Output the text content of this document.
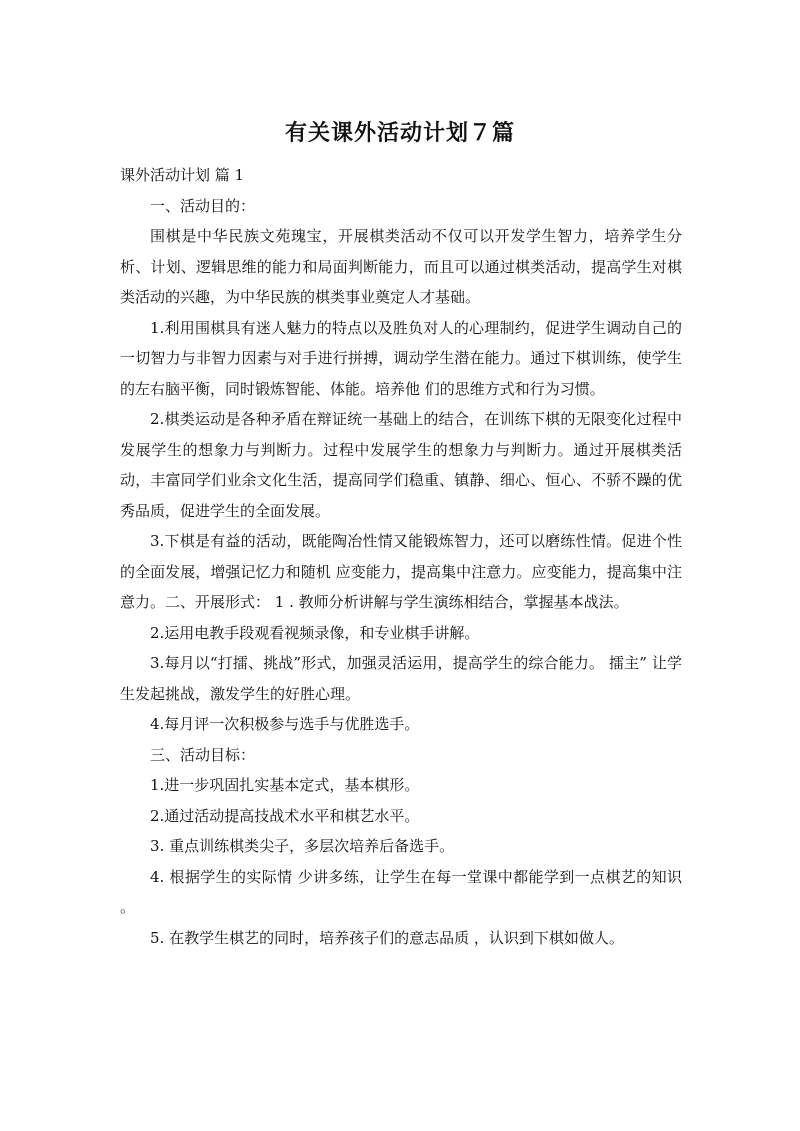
有关课外活动计划７篇

课外活动计划 篇 1

一、活动目的：

围棋是中华民族文苑瑰宝，开展棋类活动不仅可以开发学生智力，培养学生分析、计划、逻辑思维的能力和局面判断能力，而且可以通过棋类活动，提高学生对棋类活动的兴趣，为中华民族的棋类事业奠定人才基础。

1.利用围棋具有迷人魅力的特点以及胜负对人的心理制约，促进学生调动自己的一切智力与非智力因素与对手进行拼搏，调动学生潜在能力。通过下棋训练，使学生的左右脑平衡，同时锻炼智能、体能。培养他 们的思维方式和行为习惯。

2.棋类运动是各种矛盾在辩证统一基础上的结合，在训练下棋的无限变化过程中发展学生的想象力与判断力。过程中发展学生的想象力与判断力。通过开展棋类活动，丰富同学们业余文化生活，提高同学们稳重、镇静、细心、恒心、不骄不躁的优秀品质，促进学生的全面发展。

3.下棋是有益的活动，既能陶冶性情又能锻炼智力，还可以磨练性情。促进个性的全面发展，增强记忆力和随机 应变能力，提高集中注意力。应变能力，提高集中注意力。二、开展形式： 1 . 教师分析讲解与学生演练相结合，掌握基本战法。

2.运用电教手段观看视频录像，和专业棋手讲解。

3.每月以“打擂、挑战”形式，加强灵活运用，提高学生的综合能力。 擂主” 让学生发起挑战，激发学生的好胜心理。

4.每月评一次积极参与选手与优胜选手。

三、活动目标：

1.进一步巩固扎实基本定式，基本棋形。

2.通过活动提高技战术水平和棋艺水平。

3. 重点训练棋类尖子，多层次培养后备选手。

4. 根据学生的实际情 少讲多练，让学生在每一堂课中都能学到一点棋艺的知识 。

5. 在教学生棋艺的同时，培养孩子们的意志品质 ，认识到下棋如做人。
